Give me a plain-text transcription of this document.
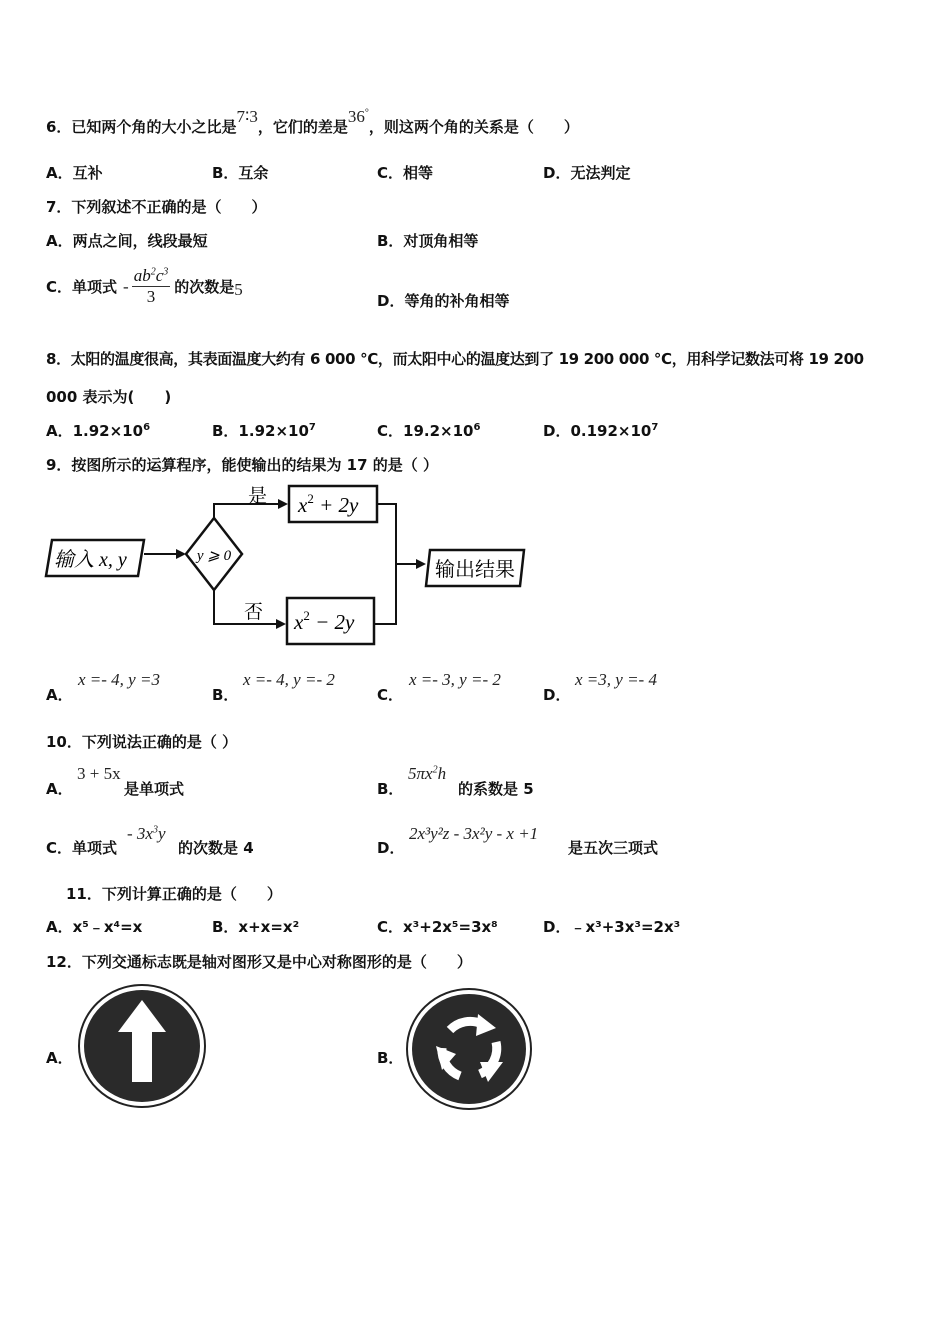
6．已知两个角的大小之比是7∶3，它们的差是36°，则这两个角的关系是（　　）
A．互补	B．互余	C．相等	D．无法判定
7．下列叙述不正确的是（　　）
A．两点之间，线段最短	B．对顶角相等
C．单项式 - $\frac{ab^2c^3}{3}$ 的次数是 5
D．等角的补角相等
8．太阳的温度很高，其表面温度大约有 6 000 ℃，而太阳中心的温度达到了 19 200 000 ℃，用科学记数法可将 19 200
000 表示为(　　)
A．$1.92\times 10^6$	B．$1.92\times 10^7$	C．$19.2\times 10^6$	D．$0.192\times 10^7$
9．按图所示的运算程序，能使输出的结果为 17 的是（ ）
输入 x, y	y ⩾ 0
是 $x^2 + 2y$
否 $x^2 - 2y$
输出结果
A．
x =- 4, y =3
B．
x =- 4, y =- 2
C．
x =- 3, y =- 2
D．
x =3, y =- 4
10．下列说法正确的是（ ）
A．
3 + 5x
是单项式	B．
$5\pi x^2h$
的系数是 5
C．单项式
- $3x^3y$
的次数是 4	D．
2x³y²z - 3x²y - x +1
是五次三项式
11．下列计算正确的是（　　）
A．x⁵﹣x⁴=x	B．x+x=x²	C．x³+2x⁵=3x⁸	D．﹣x³+3x³=2x³
12．下列交通标志既是轴对图形又是中心对称图形的是（　　）
A．	B．
